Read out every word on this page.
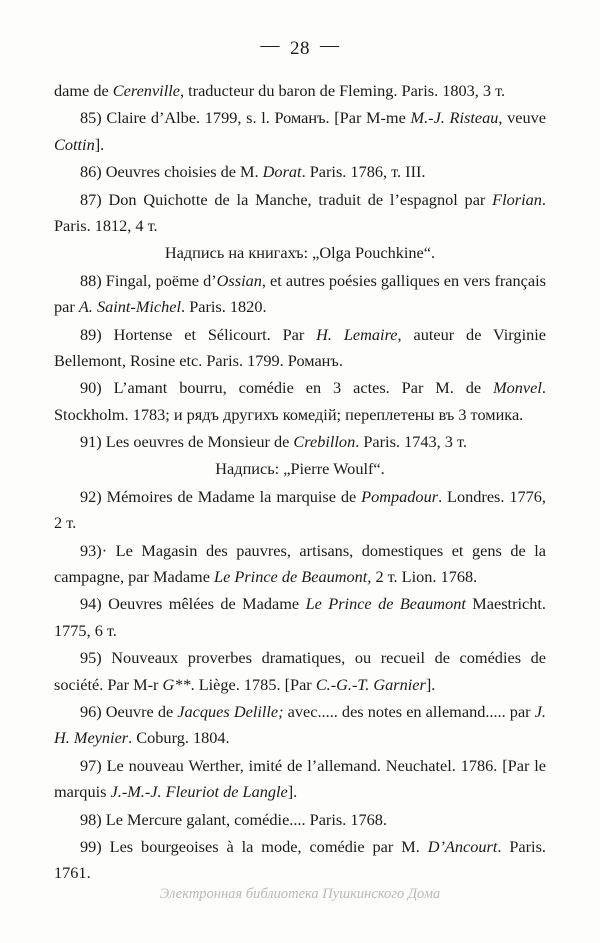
— 28 —
dame de Cerenville, traducteur du baron de Fleming. Paris. 1803, 3 т.
85) Claire d’Albe. 1799, s. l. Романъ. [Par M-me M.-J. Risteau, veuve Cottin].
86) Oeuvres choisies de M. Dorat. Paris. 1786, т. III.
87) Don Quichotte de la Manche, traduit de l’espagnol par Florian. Paris. 1812, 4 т.
Надпись на книгахъ: „Olga Pouchkine“.
88) Fingal, poëme d’Ossian, et autres poésies galliques en vers français par A. Saint-Michel. Paris. 1820.
89) Hortense et Sélicourt. Par H. Lemaire, auteur de Virginie Bellemont, Rosine etc. Paris. 1799. Романъ.
90) L’amant bourru, comédie en 3 actes. Par M. de Monvel. Stockholm. 1783; и рядъ другихъ комедій; переплетены въ 3 томика.
91) Les oeuvres de Monsieur de Crebillon. Paris. 1743, 3 т.
Надпись: „Pierre Woulf“.
92) Mémoires de Madame la marquise de Pompadour. Londres. 1776, 2 т.
93)· Le Magasin des pauvres, artisans, domestiques et gens de la campagne, par Madame Le Prince de Beaumont, 2 т. Lion. 1768.
94) Oeuvres mêlées de Madame Le Prince de Beaumont Maestricht. 1775, 6 т.
95) Nouveaux proverbes dramatiques, ou recueil de comédies de société. Par M-r G**. Liège. 1785. [Par C.-G.-T. Garnier].
96) Oeuvre de Jacques Delille; avec..... des notes en allemand..... par J. H. Meynier. Coburg. 1804.
97) Le nouveau Werther, imité de l’allemand. Neuchatel. 1786. [Par le marquis J.-M.-J. Fleuriot de Langle].
98) Le Mercure galant, comédie.... Paris. 1768.
99) Les bourgeoises à la mode, comédie par M. D’Ancourt. Paris. 1761.
Электронная библиотека Пушкинского Дома
